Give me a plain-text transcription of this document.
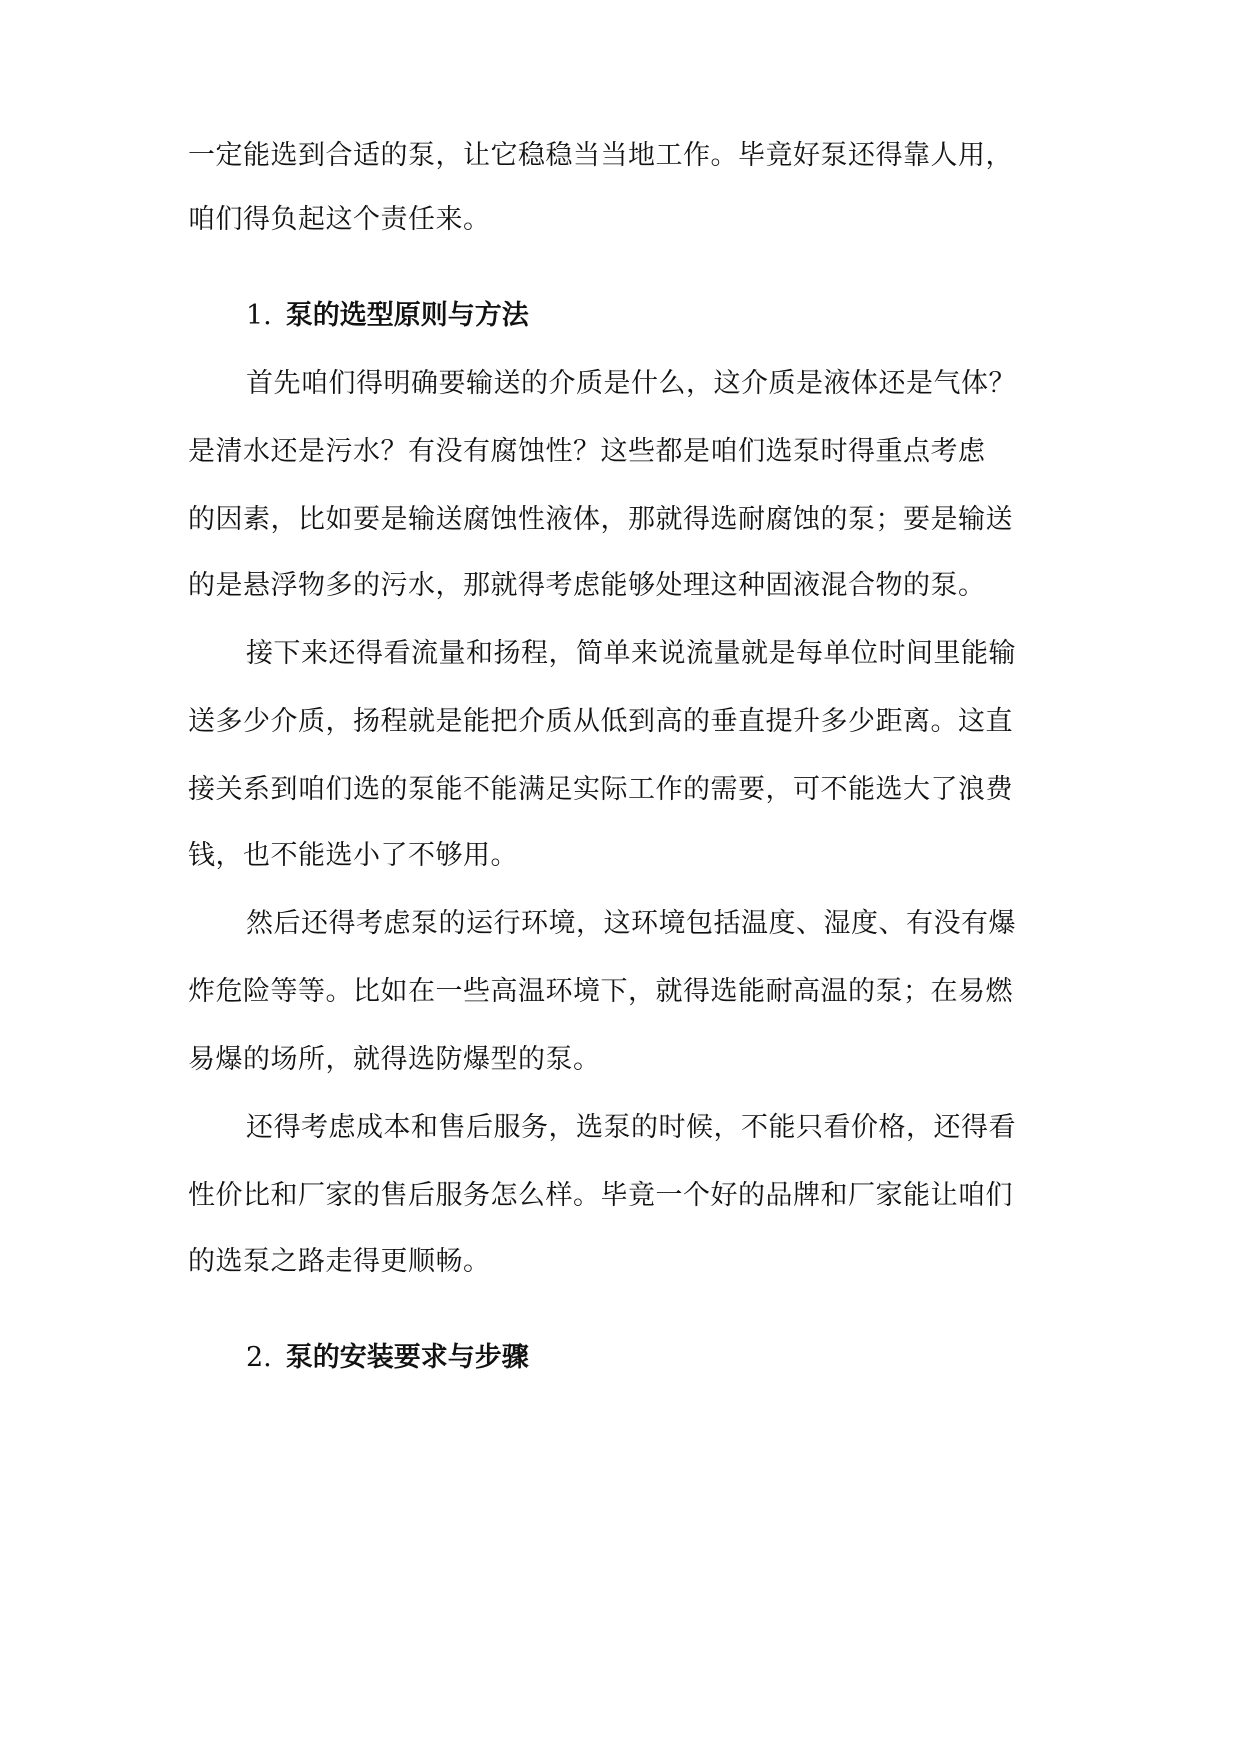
一定能选到合适的泵，让它稳稳当当地工作。毕竟好泵还得靠人用，
咱们得负起这个责任来。
1. 泵的选型原则与方法
首先咱们得明确要输送的介质是什么，这介质是液体还是气体？
是清水还是污水？有没有腐蚀性？这些都是咱们选泵时得重点考虑
的因素，比如要是输送腐蚀性液体，那就得选耐腐蚀的泵；要是输送
的是悬浮物多的污水，那就得考虑能够处理这种固液混合物的泵。
接下来还得看流量和扬程，简单来说流量就是每单位时间里能输
送多少介质，扬程就是能把介质从低到高的垂直提升多少距离。这直
接关系到咱们选的泵能不能满足实际工作的需要，可不能选大了浪费
钱，也不能选小了不够用。
然后还得考虑泵的运行环境，这环境包括温度、湿度、有没有爆
炸危险等等。比如在一些高温环境下，就得选能耐高温的泵；在易燃
易爆的场所，就得选防爆型的泵。
还得考虑成本和售后服务，选泵的时候，不能只看价格，还得看
性价比和厂家的售后服务怎么样。毕竟一个好的品牌和厂家能让咱们
的选泵之路走得更顺畅。
2. 泵的安装要求与步骤
